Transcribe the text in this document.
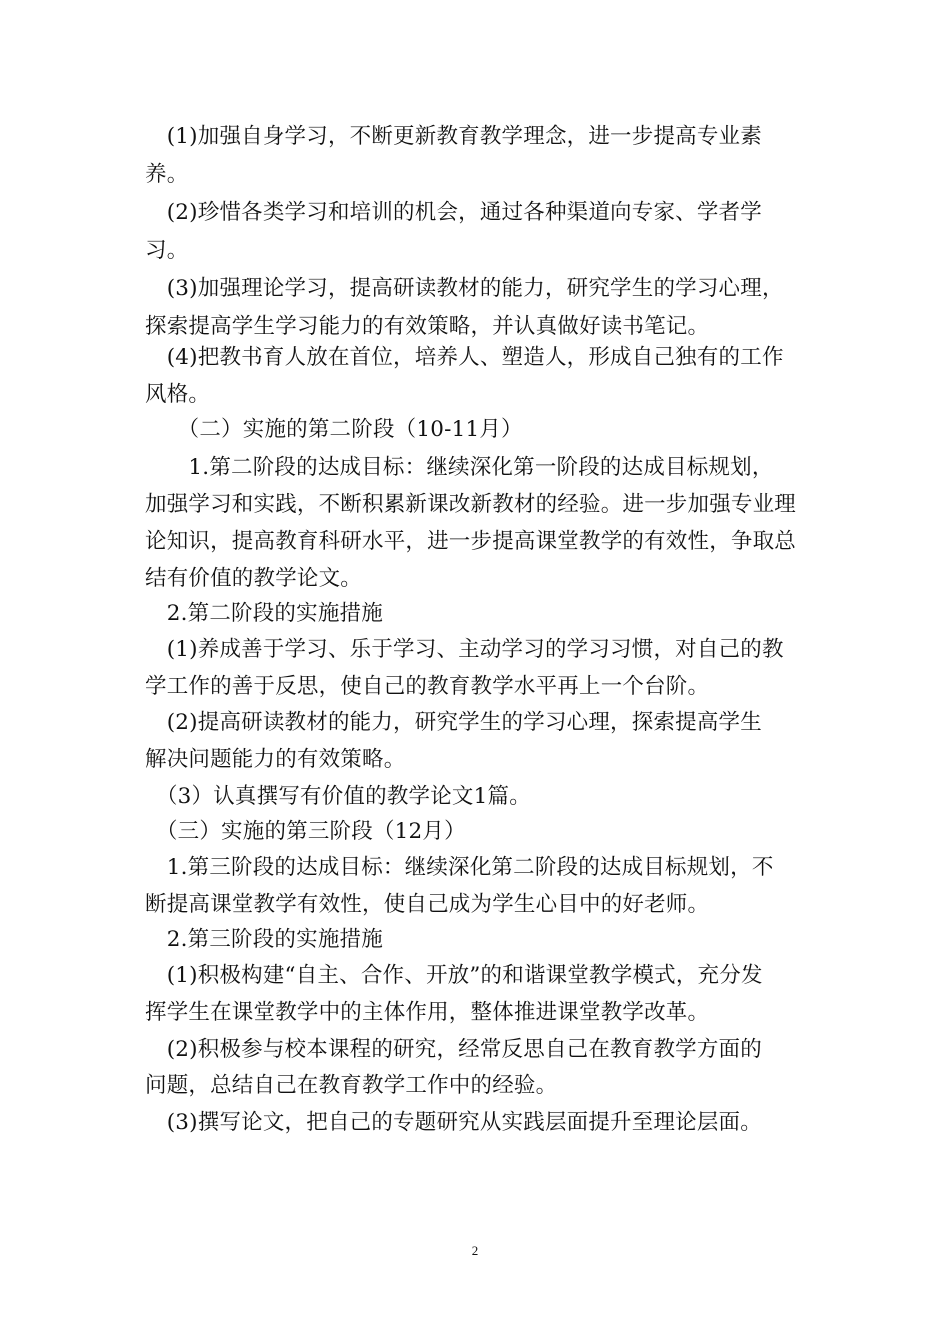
　(1)加强自身学习，不断更新教育教学理念，进一步提高专业素
养。
　(2)珍惜各类学习和培训的机会，通过各种渠道向专家、学者学
习。
　(3)加强理论学习，提高研读教材的能力，研究学生的学习心理，
探索提高学生学习能力的有效策略，并认真做好读书笔记。
　(4)把教书育人放在首位，培养人、塑造人，形成自己独有的工作
风格。
　　（二）实施的第二阶段（10-11月）
　　1.第二阶段的达成目标：继续深化第一阶段的达成目标规划，
加强学习和实践，不断积累新课改新教材的经验。进一步加强专业理
论知识，提高教育科研水平，进一步提高课堂教学的有效性，争取总
结有价值的教学论文。
　2.第二阶段的实施措施
　(1)养成善于学习、乐于学习、主动学习的学习习惯，对自己的教
学工作的善于反思，使自己的教育教学水平再上一个台阶。
　(2)提高研读教材的能力，研究学生的学习心理，探索提高学生
解决问题能力的有效策略。
　（3）认真撰写有价值的教学论文1篇。
　（三）实施的第三阶段（12月）
　1.第三阶段的达成目标：继续深化第二阶段的达成目标规划，不
断提高课堂教学有效性，使自己成为学生心目中的好老师。
　2.第三阶段的实施措施
　(1)积极构建“自主、合作、开放”的和谐课堂教学模式，充分发
挥学生在课堂教学中的主体作用，整体推进课堂教学改革。
　(2)积极参与校本课程的研究，经常反思自己在教育教学方面的
问题，总结自己在教育教学工作中的经验。
　(3)撰写论文，把自己的专题研究从实践层面提升至理论层面。
2
